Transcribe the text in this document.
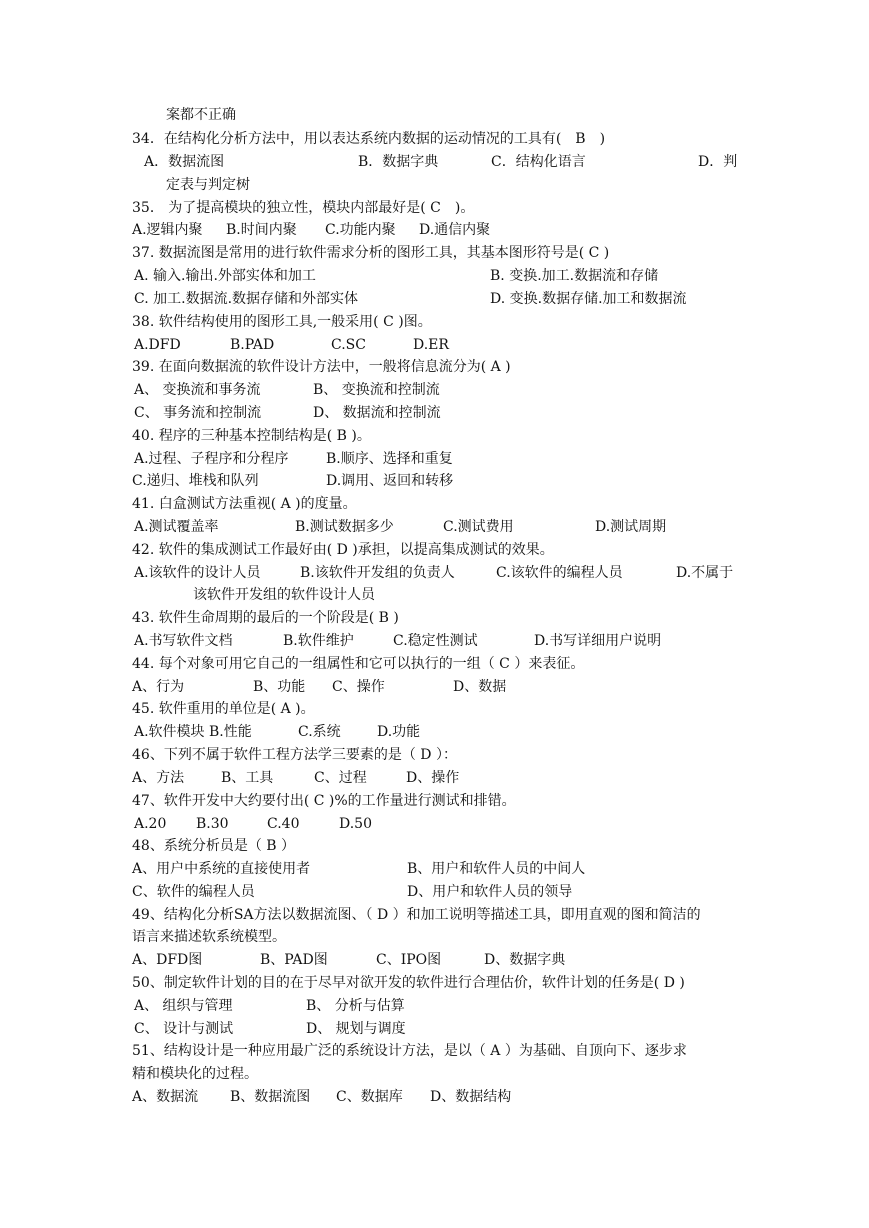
案都不正确
34．在结构化分析方法中，用以表达系统内数据的运动情况的工具有(　B　)
A．数据流图	B．数据字典	C．结构化语言	D．判
定表与判定树
35． 为了提高模块的独立性，模块内部最好是( C　)。
A.逻辑内聚 B.时间内聚 C.功能内聚 D.通信内聚
37. 数据流图是常用的进行软件需求分析的图形工具，其基本图形符号是( C )
A. 输入.输出.外部实体和加工	B. 变换.加工.数据流和存储
C. 加工.数据流.数据存储和外部实体	D. 变换.数据存储.加工和数据流
38. 软件结构使用的图形工具,一般采用( C )图。
A.DFD	B.PAD	C.SC	D.ER
39. 在面向数据流的软件设计方法中，一般将信息流分为( A )
A、 变换流和事务流	B、 变换流和控制流
C、 事务流和控制流	D、 数据流和控制流
40. 程序的三种基本控制结构是( B )。
A.过程、子程序和分程序	B.顺序、选择和重复
C.递归、堆栈和队列	D.调用、返回和转移
41. 白盒测试方法重视( A )的度量。
A.测试覆盖率	B.测试数据多少	C.测试费用	D.测试周期
42. 软件的集成测试工作最好由( D )承担，以提高集成测试的效果。
A.该软件的设计人员	B.该软件开发组的负责人	C.该软件的编程人员	D.不属于
该软件开发组的软件设计人员
43. 软件生命周期的最后的一个阶段是( B )
A.书写软件文档	B.软件维护	C.稳定性测试	D.书写详细用户说明
44. 每个对象可用它自己的一组属性和它可以执行的一组（ C ）来表征。
A、行为	B、功能 C、操作	D、数据
45. 软件重用的单位是( A )。
A.软件模块 B.性能	C.系统	D.功能
46、下列不属于软件工程方法学三要素的是（ D ）：
A、方法	B、工具	C、过程	D、操作
47、软件开发中大约要付出( C )%的工作量进行测试和排错。
A.20 B.30	C.40	D.50
48、系统分析员是（ B ）
A、用户中系统的直接使用者	B、用户和软件人员的中间人
C、软件的编程人员	D、用户和软件人员的领导
49、结构化分析SA方法以数据流图、（ D ）和加工说明等描述工具，即用直观的图和简洁的
语言来描述软系统模型。
A、DFD图	B、PAD图	C、IPO图	D、数据字典
50、制定软件计划的目的在于尽早对欲开发的软件进行合理估价，软件计划的任务是( D )
A、 组织与管理	B、 分析与估算
C、 设计与测试	D、 规划与调度
51、结构设计是一种应用最广泛的系统设计方法，是以（ A ）为基础、自顶向下、逐步求
精和模块化的过程。
A、数据流 B、数据流图 C、数据库 D、数据结构
